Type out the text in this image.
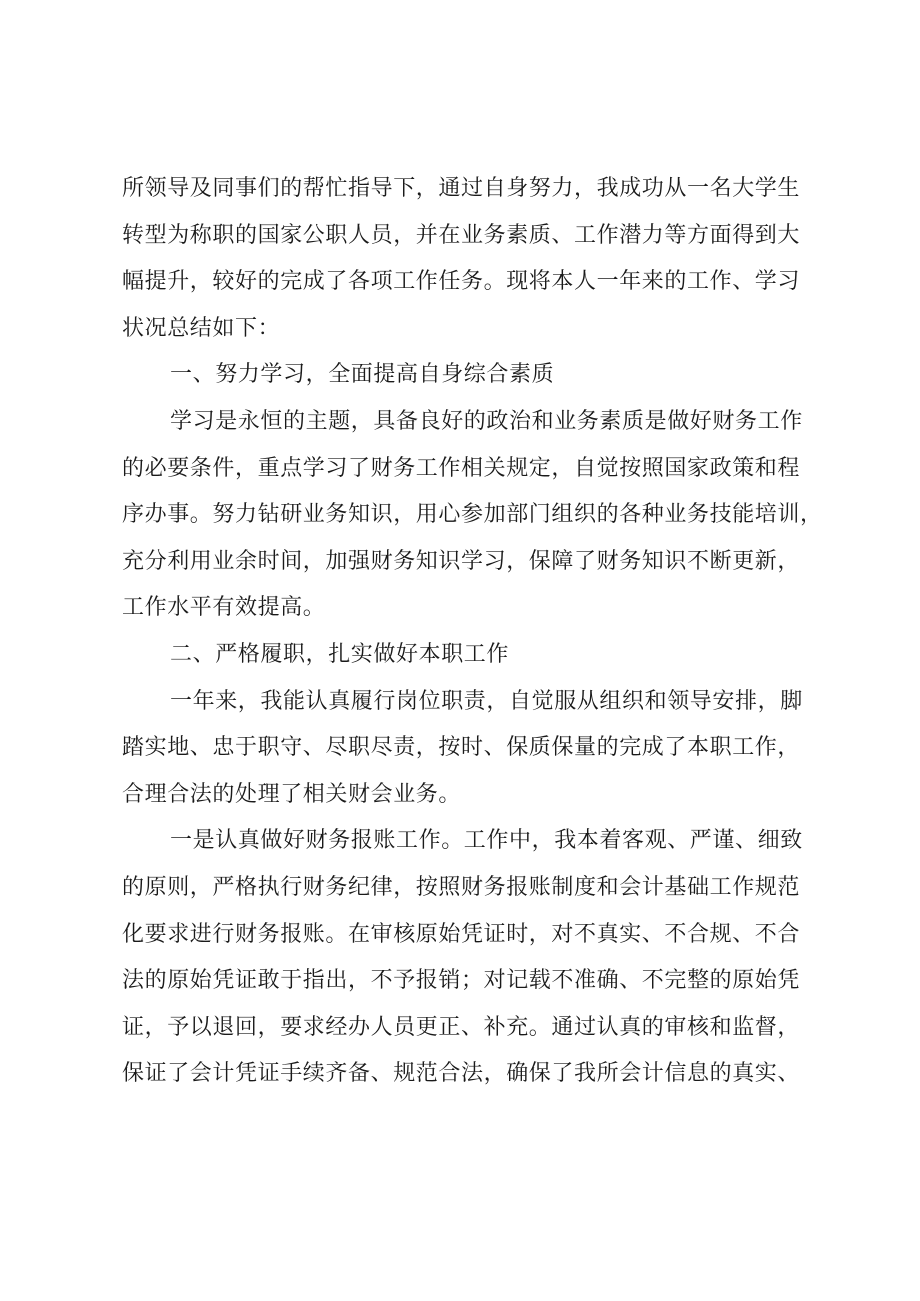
所领导及同事们的帮忙指导下，通过自身努力，我成功从一名大学生
转型为称职的国家公职人员，并在业务素质、工作潜力等方面得到大
幅提升，较好的完成了各项工作任务。现将本人一年来的工作、学习
状况总结如下：
一、努力学习，全面提高自身综合素质
学习是永恒的主题，具备良好的政治和业务素质是做好财务工作
的必要条件，重点学习了财务工作相关规定，自觉按照国家政策和程
序办事。努力钻研业务知识，用心参加部门组织的各种业务技能培训，
充分利用业余时间，加强财务知识学习，保障了财务知识不断更新，
工作水平有效提高。
二、严格履职，扎实做好本职工作
一年来，我能认真履行岗位职责，自觉服从组织和领导安排，脚
踏实地、忠于职守、尽职尽责，按时、保质保量的完成了本职工作，
合理合法的处理了相关财会业务。
一是认真做好财务报账工作。工作中，我本着客观、严谨、细致
的原则，严格执行财务纪律，按照财务报账制度和会计基础工作规范
化要求进行财务报账。在审核原始凭证时，对不真实、不合规、不合
法的原始凭证敢于指出，不予报销；对记载不准确、不完整的原始凭
证，予以退回，要求经办人员更正、补充。通过认真的审核和监督，
保证了会计凭证手续齐备、规范合法，确保了我所会计信息的真实、
